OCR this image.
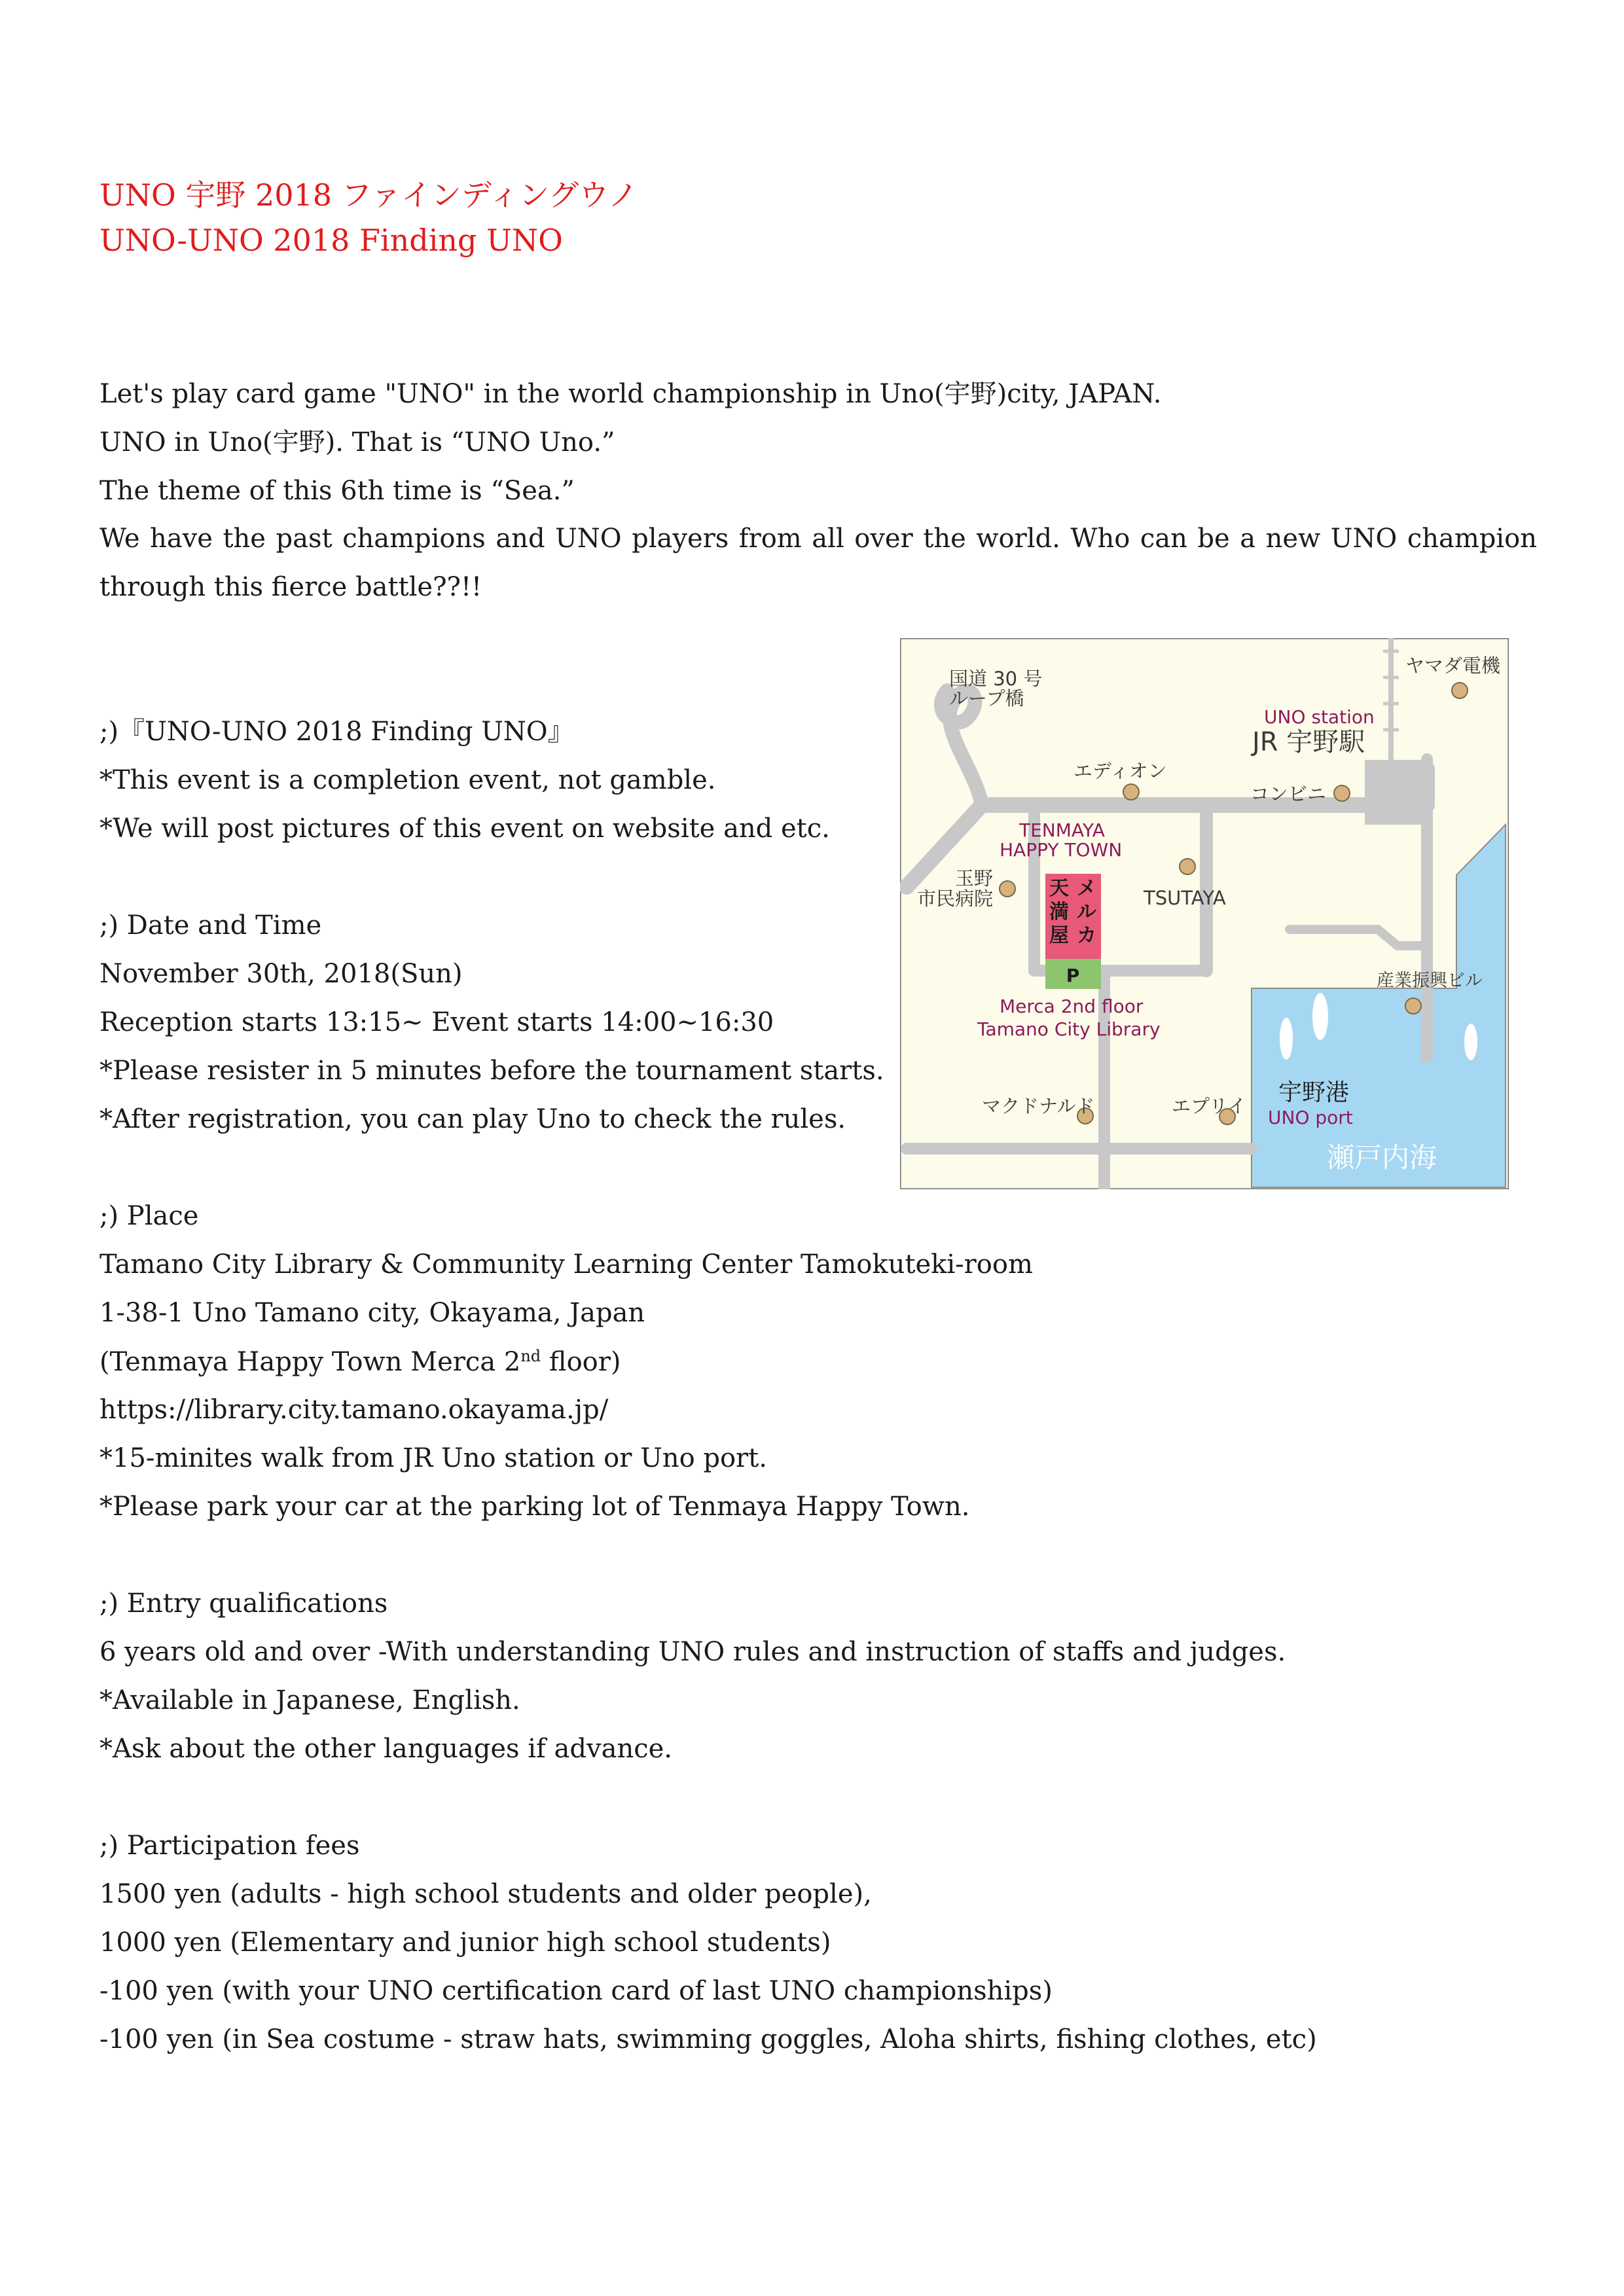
UNO 宇野 2018 ファインディングウノ
UNO-UNO 2018 Finding UNO
Let's play card game "UNO" in the world championship in Uno(宇野)city, JAPAN.
UNO in Uno(宇野). That is “UNO Uno.”
The theme of this 6th time is “Sea.”
We have the past champions and UNO players from all over the world. Who can be a new UNO champion through this fierce battle??!!
;)『UNO-UNO 2018 Finding UNO』
*This event is a completion event, not gamble.
*We will post pictures of this event on website and etc.
;) Date and Time
November 30th, 2018(Sun)
Reception starts 13:15~ Event starts 14:00~16:30
*Please resister in 5 minutes before the tournament starts.
*After registration, you can play Uno to check the rules.
;) Place
Tamano City Library & Community Learning Center Tamokuteki-room
1-38-1 Uno Tamano city, Okayama, Japan
(Tenmaya Happy Town Merca 2nd floor)
https://library.city.tamano.okayama.jp/
*15-minites walk from JR Uno station or Uno port.
*Please park your car at the parking lot of Tenmaya Happy Town.
;) Entry qualifications
6 years old and over -With understanding UNO rules and instruction of staffs and judges.
*Available in Japanese, English.
*Ask about the other languages if advance.
;) Participation fees
1500 yen (adults - high school students and older people),
1000 yen (Elementary and junior high school students)
-100 yen (with your UNO certification card of last UNO championships)
-100 yen (in Sea costume - straw hats, swimming goggles, Aloha shirts, fishing clothes, etc)
天
満
屋
メ
ル
カ
P
国道 30 号
ループ橋
ヤマダ電機
エディオン
コンビニ
玉野
市民病院	TSUTAYA
産業振興ビル
マクドナルド	エプリイ
UNO station
JR 宇野駅
TENMAYA
HAPPY TOWN
Merca 2nd floor
Tamano City Library
宇野港
UNO port
瀬戸内海
